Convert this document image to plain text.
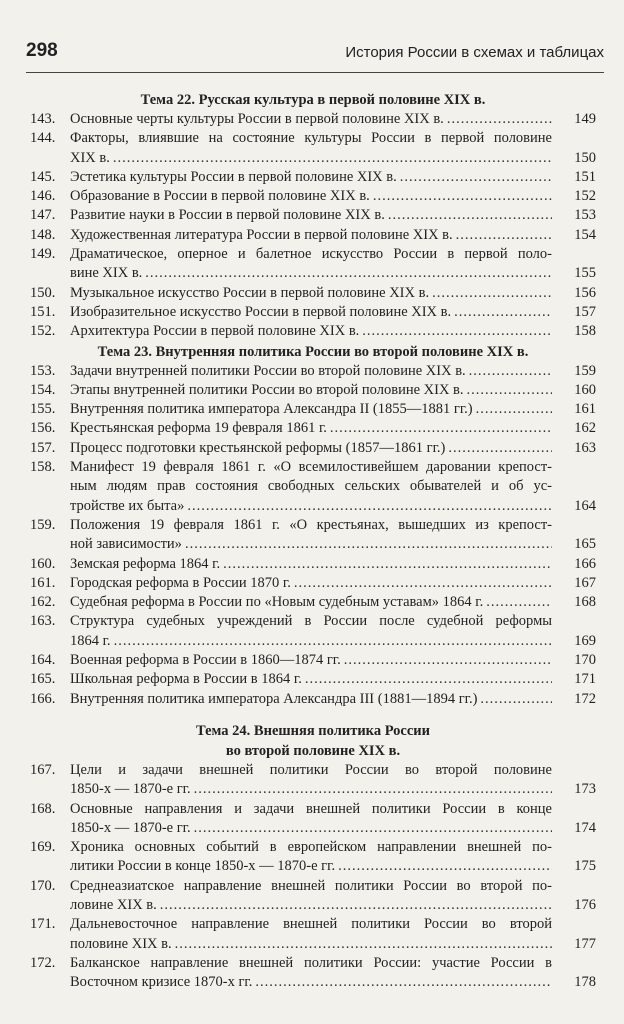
298	История России в схемах и таблицах
Тема 22. Русская культура в первой половине XIX в.
143.	Основные черты культуры России в первой половине XIX в. .....	149
144.	Факторы, влиявшие на состояние культуры России в первой половине
XIX в. .....	150
145.	Эстетика культуры России в первой половине XIX в. .....	151
146.	Образование в России в первой половине XIX в. .....	152
147.	Развитие науки в России в первой половине XIX в. .....	153
148.	Художественная литература России в первой половине XIX в. .....	154
149.	Драматическое, оперное и балетное искусство России в первой поло-
вине XIX в. .....	155
150.	Музыкальное искусство России в первой половине XIX в. .....	156
151.	Изобразительное искусство России в первой половине XIX в. .....	157
152.	Архитектура России в первой половине XIX в. .....	158
Тема 23. Внутренняя политика России во второй половине XIX в.
153.	Задачи внутренней политики России во второй половине XIX в. .....	159
154.	Этапы внутренней политики России во второй половине XIX в. .....	160
155.	Внутренняя политика императора Александра II (1855—1881 гг.) .....	161
156.	Крестьянская реформа 19 февраля 1861 г. .....	162
157.	Процесс подготовки крестьянской реформы (1857—1861 гг.) .....	163
158.	Манифест 19 февраля 1861 г. «О всемилостивейшем даровании крепост-
ным людям прав состояния свободных сельских обывателей и об ус-
тройстве их быта» .....	164
159.	Положения 19 февраля 1861 г. «О крестьянах, вышедших из крепост-
ной зависимости» .....	165
160.	Земская реформа 1864 г. .....	166
161.	Городская реформа в России 1870 г. .....	167
162.	Судебная реформа в России по «Новым судебным уставам» 1864 г. .....	168
163.	Структура судебных учреждений в России после судебной реформы
1864 г. .....	169
164.	Военная реформа в России в 1860—1874 гг. .....	170
165.	Школьная реформа в России в 1864 г. .....	171
166.	Внутренняя политика императора Александра III (1881—1894 гг.) .....	172
Тема 24. Внешняя политика России
во второй половине XIX в.
167.	Цели и задачи внешней политики России во второй половине
1850-х — 1870-е гг. .....	173
168.	Основные направления и задачи внешней политики России в конце
1850-х — 1870-е гг. .....	174
169.	Хроника основных событий в европейском направлении внешней по-
литики России в конце 1850-х — 1870-е гг. .....	175
170.	Среднеазиатское направление внешней политики России во второй по-
ловине XIX в. .....	176
171.	Дальневосточное направление внешней политики России во второй
половине XIX в. .....	177
172.	Балканское направление внешней политики России: участие России в
Восточном кризисе 1870-х гг. .....	178
